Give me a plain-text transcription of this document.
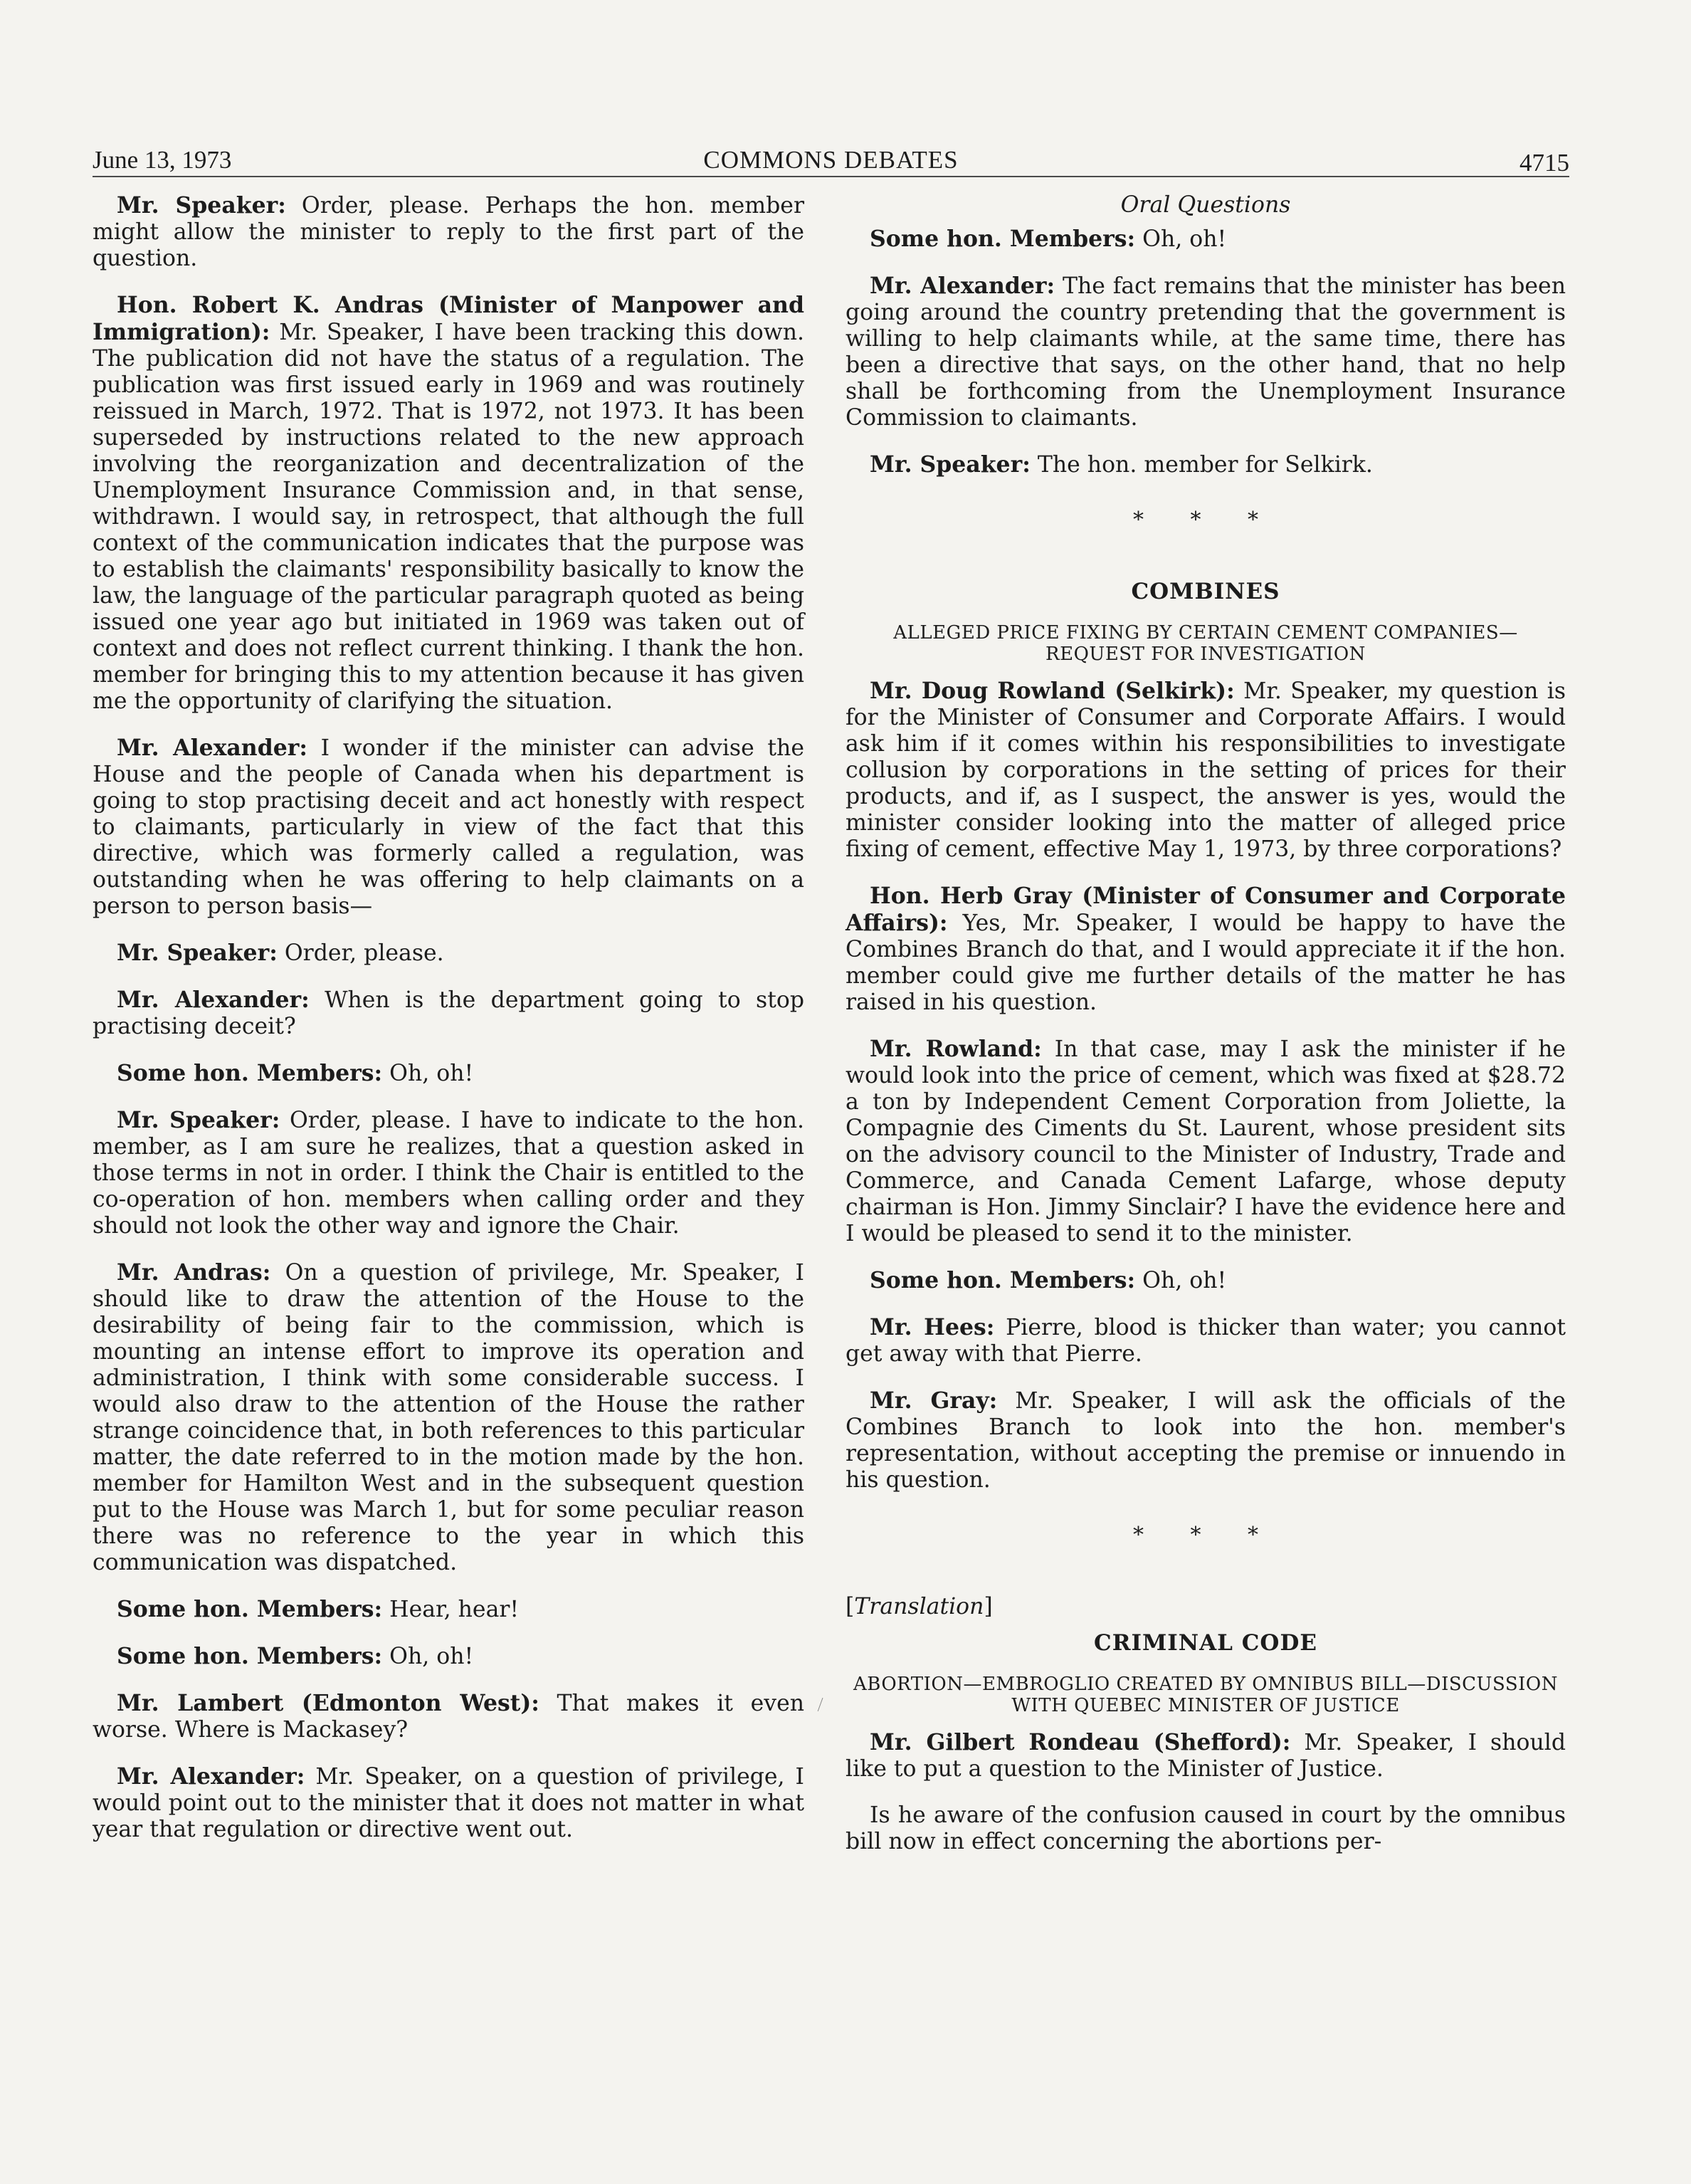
June 13, 1973	COMMONS DEBATES	4715

Mr. Speaker: Order, please. Perhaps the hon. member might allow the minister to reply to the first part of the question.

Hon. Robert K. Andras (Minister of Manpower and Immigration): Mr. Speaker, I have been tracking this down. The publication did not have the status of a regulation. The publication was first issued early in 1969 and was routinely reissued in March, 1972. That is 1972, not 1973. It has been superseded by instructions related to the new approach involving the reorganization and decentralization of the Unemployment Insurance Commission and, in that sense, withdrawn. I would say, in retrospect, that although the full context of the communication indicates that the purpose was to establish the claimants' responsibility basically to know the law, the language of the particular paragraph quoted as being issued one year ago but initiated in 1969 was taken out of context and does not reflect current thinking. I thank the hon. member for bringing this to my attention because it has given me the opportunity of clarifying the situation.

Mr. Alexander: I wonder if the minister can advise the House and the people of Canada when his department is going to stop practising deceit and act honestly with respect to claimants, particularly in view of the fact that this directive, which was formerly called a regulation, was outstanding when he was offering to help claimants on a person to person basis—

Mr. Speaker: Order, please.

Mr. Alexander: When is the department going to stop practising deceit?

Some hon. Members: Oh, oh!

Mr. Speaker: Order, please. I have to indicate to the hon. member, as I am sure he realizes, that a question asked in those terms in not in order. I think the Chair is entitled to the co-operation of hon. members when calling order and they should not look the other way and ignore the Chair.

Mr. Andras: On a question of privilege, Mr. Speaker, I should like to draw the attention of the House to the desirability of being fair to the commission, which is mounting an intense effort to improve its operation and administration, I think with some considerable success. I would also draw to the attention of the House the rather strange coincidence that, in both references to this particular matter, the date referred to in the motion made by the hon. member for Hamilton West and in the subsequent question put to the House was March 1, but for some peculiar reason there was no reference to the year in which this communication was dispatched.

Some hon. Members: Hear, hear!

Some hon. Members: Oh, oh!

Mr. Lambert (Edmonton West): That makes it even worse. Where is Mackasey?

Mr. Alexander: Mr. Speaker, on a question of privilege, I would point out to the minister that it does not matter in what year that regulation or directive went out.

Oral Questions

Some hon. Members: Oh, oh!

Mr. Alexander: The fact remains that the minister has been going around the country pretending that the government is willing to help claimants while, at the same time, there has been a directive that says, on the other hand, that no help shall be forthcoming from the Unemployment Insurance Commission to claimants.

Mr. Speaker: The hon. member for Selkirk.

* * *
COMBINES
ALLEGED PRICE FIXING BY CERTAIN CEMENT COMPANIES—REQUEST FOR INVESTIGATION

Mr. Doug Rowland (Selkirk): Mr. Speaker, my question is for the Minister of Consumer and Corporate Affairs. I would ask him if it comes within his responsibilities to investigate collusion by corporations in the setting of prices for their products, and if, as I suspect, the answer is yes, would the minister consider looking into the matter of alleged price fixing of cement, effective May 1, 1973, by three corporations?

Hon. Herb Gray (Minister of Consumer and Corporate Affairs): Yes, Mr. Speaker, I would be happy to have the Combines Branch do that, and I would appreciate it if the hon. member could give me further details of the matter he has raised in his question.

Mr. Rowland: In that case, may I ask the minister if he would look into the price of cement, which was fixed at $28.72 a ton by Independent Cement Corporation from Joliette, la Compagnie des Ciments du St. Laurent, whose president sits on the advisory council to the Minister of Industry, Trade and Commerce, and Canada Cement Lafarge, whose deputy chairman is Hon. Jimmy Sinclair? I have the evidence here and I would be pleased to send it to the minister.

Some hon. Members: Oh, oh!

Mr. Hees: Pierre, blood is thicker than water; you cannot get away with that Pierre.

Mr. Gray: Mr. Speaker, I will ask the officials of the Combines Branch to look into the hon. member's representation, without accepting the premise or innuendo in his question.

* * *
[Translation]
CRIMINAL CODE
ABORTION—EMBROGLIO CREATED BY OMNIBUS BILL—DISCUSSION WITH QUEBEC MINISTER OF JUSTICE

Mr. Gilbert Rondeau (Shefford): Mr. Speaker, I should like to put a question to the Minister of Justice.

Is he aware of the confusion caused in court by the omnibus bill now in effect concerning the abortions per-
